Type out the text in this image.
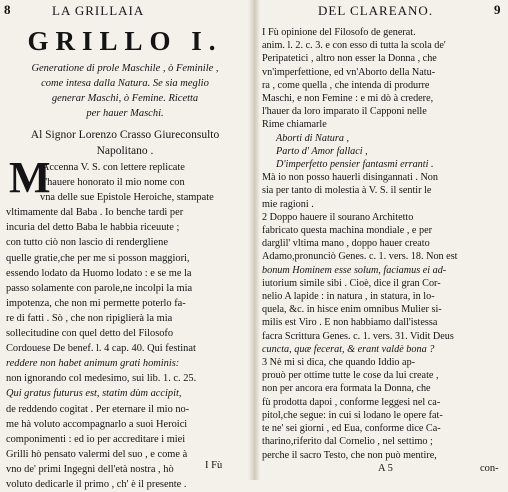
8	LA GRILLAIA
GRILLO I.
Generatione di prole Maschile , ò Feminile ,
come intesa dalla Natura. Se sia meglio
generar Maschi, ò Femine. Ricetta
per hauer Maschi.
Al Signor Lorenzo Crasso Giureconsulto
Napolitano .
M
'Accenna V. S. con lettere replicate
d'hauere honorato il mio nome con
vna delle sue Epistole Heroiche, stampate
vltimamente dal Baba . Io benche tardi per
incuria del detto Baba le habbia riceuute ;
con tutto ciò non lascio di rendergliene
quelle gratie,che per me si posson maggiori,
essendo lodato da Huomo lodato : e se me la
passo solamente con parole,ne incolpi la mia
impotenza, che non mi permette poterlo fa-
re di fatti . Sò , che non ripiglierà la mia
sollecitudine con quel detto del Filosofo
Cordouese De benef. l. 4 cap. 40. Qui festinat
reddere non habet animum grati hominis:
non ignorando col medesimo, sui lib. 1. c. 25.
Qui gratus futurus est, statim dùm accipit,
de reddendo cogitat . Per eternare il mio no-
me hà voluto accompagnarlo a suoi Heroici
componimenti : ed io per accreditare i miei
Grilli hò pensato valermi del suo , e come à
vno de' primi Ingegni dell'età nostra , hò
voluto dedicarle il primo , ch' è il presente .
I Fù
DEL CLAREANO.	9
I Fù opinione del Filosofo de generat.
anim. l. 2. c. 3. e con esso di tutta la scola de'
Peripatetici , altro non esser la Donna , che
vn'imperfettione, ed vn'Aborto della Natu-
ra , come quella , che intenda di produrre
Maschi, e non Femine : e mi dò à credere,
l'hauer da loro imparato il Capponi nelle
Rime chiamarle
Aborti di Natura ,
Parto d' Amor fallaci ,
D'imperfetto pensier fantasmi erranti .
Mà io non posso hauerli disingannati . Non
sia per tanto di molestia à V. S. il sentir le
mie ragioni .
2 Doppo hauere il sourano Architetto
fabricato questa machina mondiale , e per
darglil' vltima mano , doppo hauer creato
Adamo,pronunciò Genes. c. 1. vers. 18. Non est
bonum Hominem esse solum, faciamus ei ad-
iutorium simile sibi . Cioè, dice il gran Cor-
nelio A lapide : in natura , in statura, in lo-
quela, &c. in hisce enim omnibus Mulier si-
milis est Viro . E non habbiamo dall'istessa
facra Scrittura Genes. c. 1. vers. 31. Vidit Deus
cuncta, quæ fecerat, & erant valdè bona ?
3 Nè mi si dica, che quando Iddio ap-
prouò per ottime tutte le cose da lui create ,
non per ancora era formata la Donna, che
fù prodotta dapoi , conforme leggesi nel ca-
pitol,che segue: in cui si lodano le opere fat-
te ne' sei giorni , ed Eua, conforme dice Ca-
tharino,riferito dal Cornelio , nel settimo ;
perche il sacro Testo, che non può mentire,
A 5	con-
